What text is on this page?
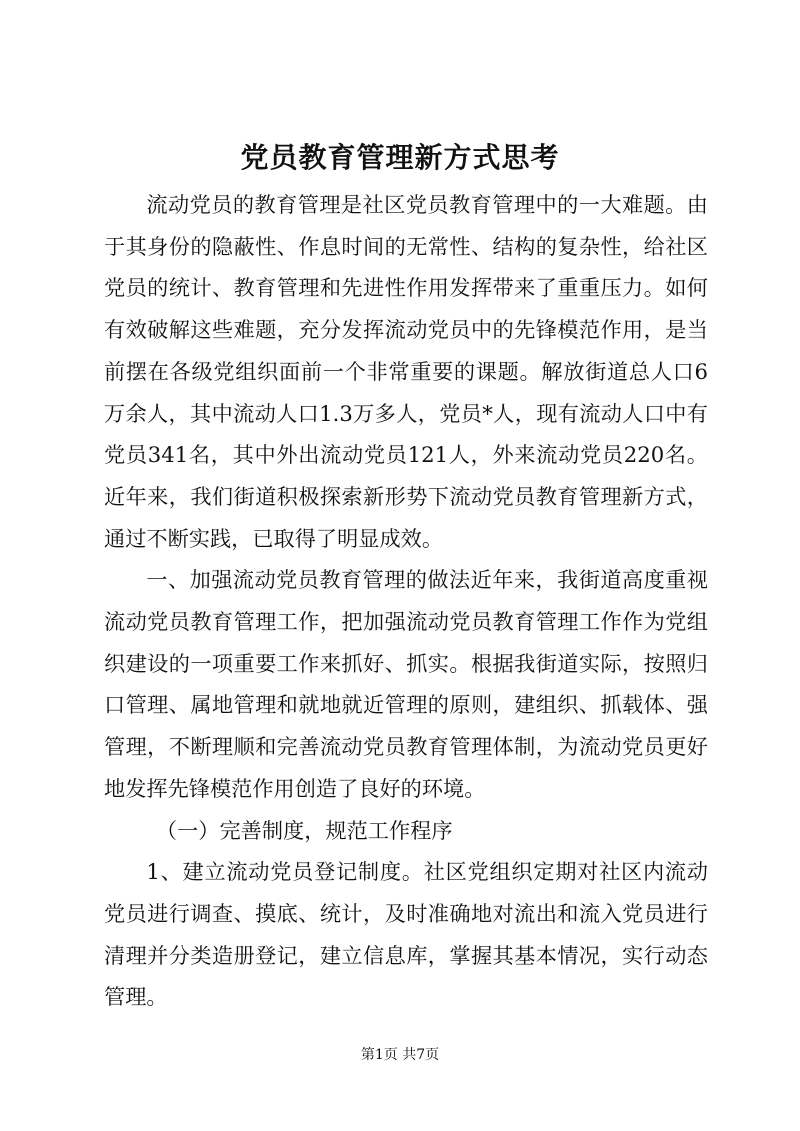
党员教育管理新方式思考

流动党员的教育管理是社区党员教育管理中的一大难题。由于其身份的隐蔽性、作息时间的无常性、结构的复杂性，给社区党员的统计、教育管理和先进性作用发挥带来了重重压力。如何有效破解这些难题，充分发挥流动党员中的先锋模范作用，是当前摆在各级党组织面前一个非常重要的课题。解放街道总人口6万余人，其中流动人口1.3万多人，党员*人，现有流动人口中有党员341名，其中外出流动党员121人，外来流动党员220名。近年来，我们街道积极探索新形势下流动党员教育管理新方式，通过不断实践，已取得了明显成效。

一、加强流动党员教育管理的做法近年来，我街道高度重视流动党员教育管理工作，把加强流动党员教育管理工作作为党组织建设的一项重要工作来抓好、抓实。根据我街道实际，按照归口管理、属地管理和就地就近管理的原则，建组织、抓载体、强管理，不断理顺和完善流动党员教育管理体制，为流动党员更好地发挥先锋模范作用创造了良好的环境。

（一）完善制度，规范工作程序

1、建立流动党员登记制度。社区党组织定期对社区内流动党员进行调查、摸底、统计，及时准确地对流出和流入党员进行清理并分类造册登记，建立信息库，掌握其基本情况，实行动态管理。

第1页 共7页
